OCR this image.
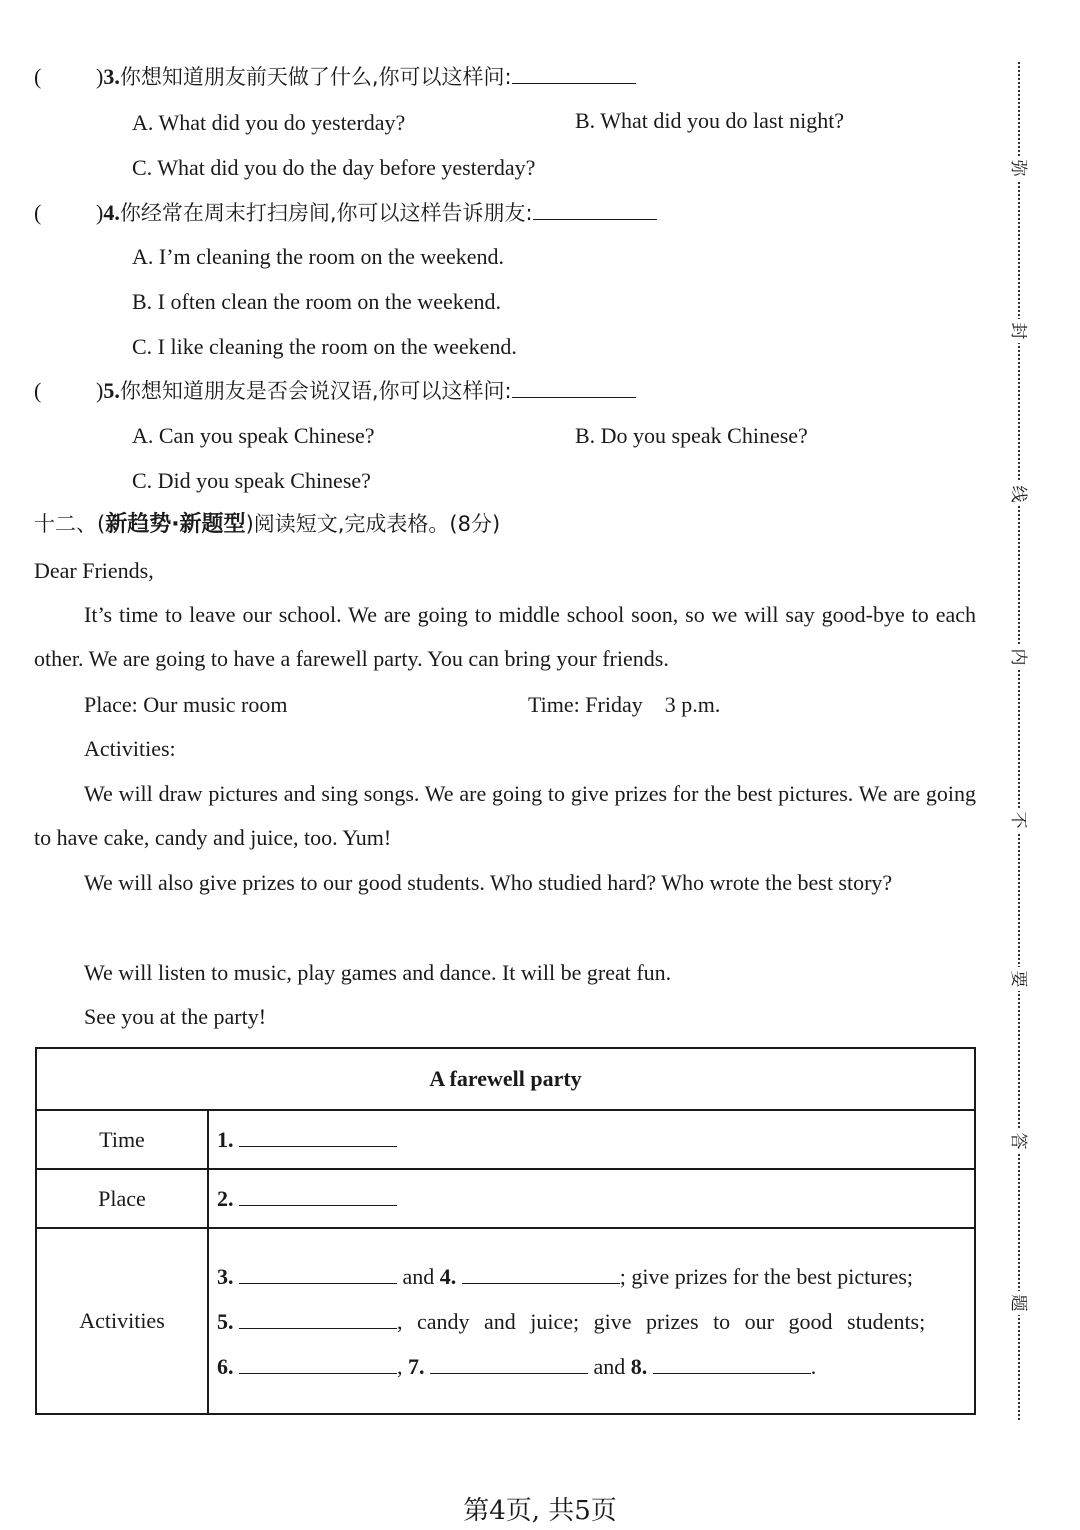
( )3.你想知道朋友前天做了什么,你可以这样问:
A. What did you do yesterday?	B. What did you do last night?
C. What did you do the day before yesterday?
( )4.你经常在周末打扫房间,你可以这样告诉朋友:
A. I’m cleaning the room on the weekend.
B. I often clean the room on the weekend.
C. I like cleaning the room on the weekend.
( )5.你想知道朋友是否会说汉语,你可以这样问:
A. Can you speak Chinese?	B. Do you speak Chinese?
C. Did you speak Chinese?
十二、(新趋势·新题型)阅读短文,完成表格。(8分)
Dear Friends,
It’s time to leave our school. We are going to middle school soon, so we will say good-bye to each other. We are going to have a farewell party. You can bring your friends.
Place: Our music room	Time: Friday    3 p.m.
Activities:
We will draw pictures and sing songs. We are going to give prizes for the best pictures. We are going to have cake, candy and juice, too. Yum!
We will also give prizes to our good students. Who studied hard? Who wrote the best story?
We will listen to music, play games and dance. It will be great fun.
See you at the party!
A farewell party	
Time	1.
Place	2.
Activities	3. and 4. ; give prizes for the best pictures;
5. , candy and juice; give prizes to our good students;
6. , 7. and 8. .
弥
封
线
内
不
要
答
题
第4页, 共5页
